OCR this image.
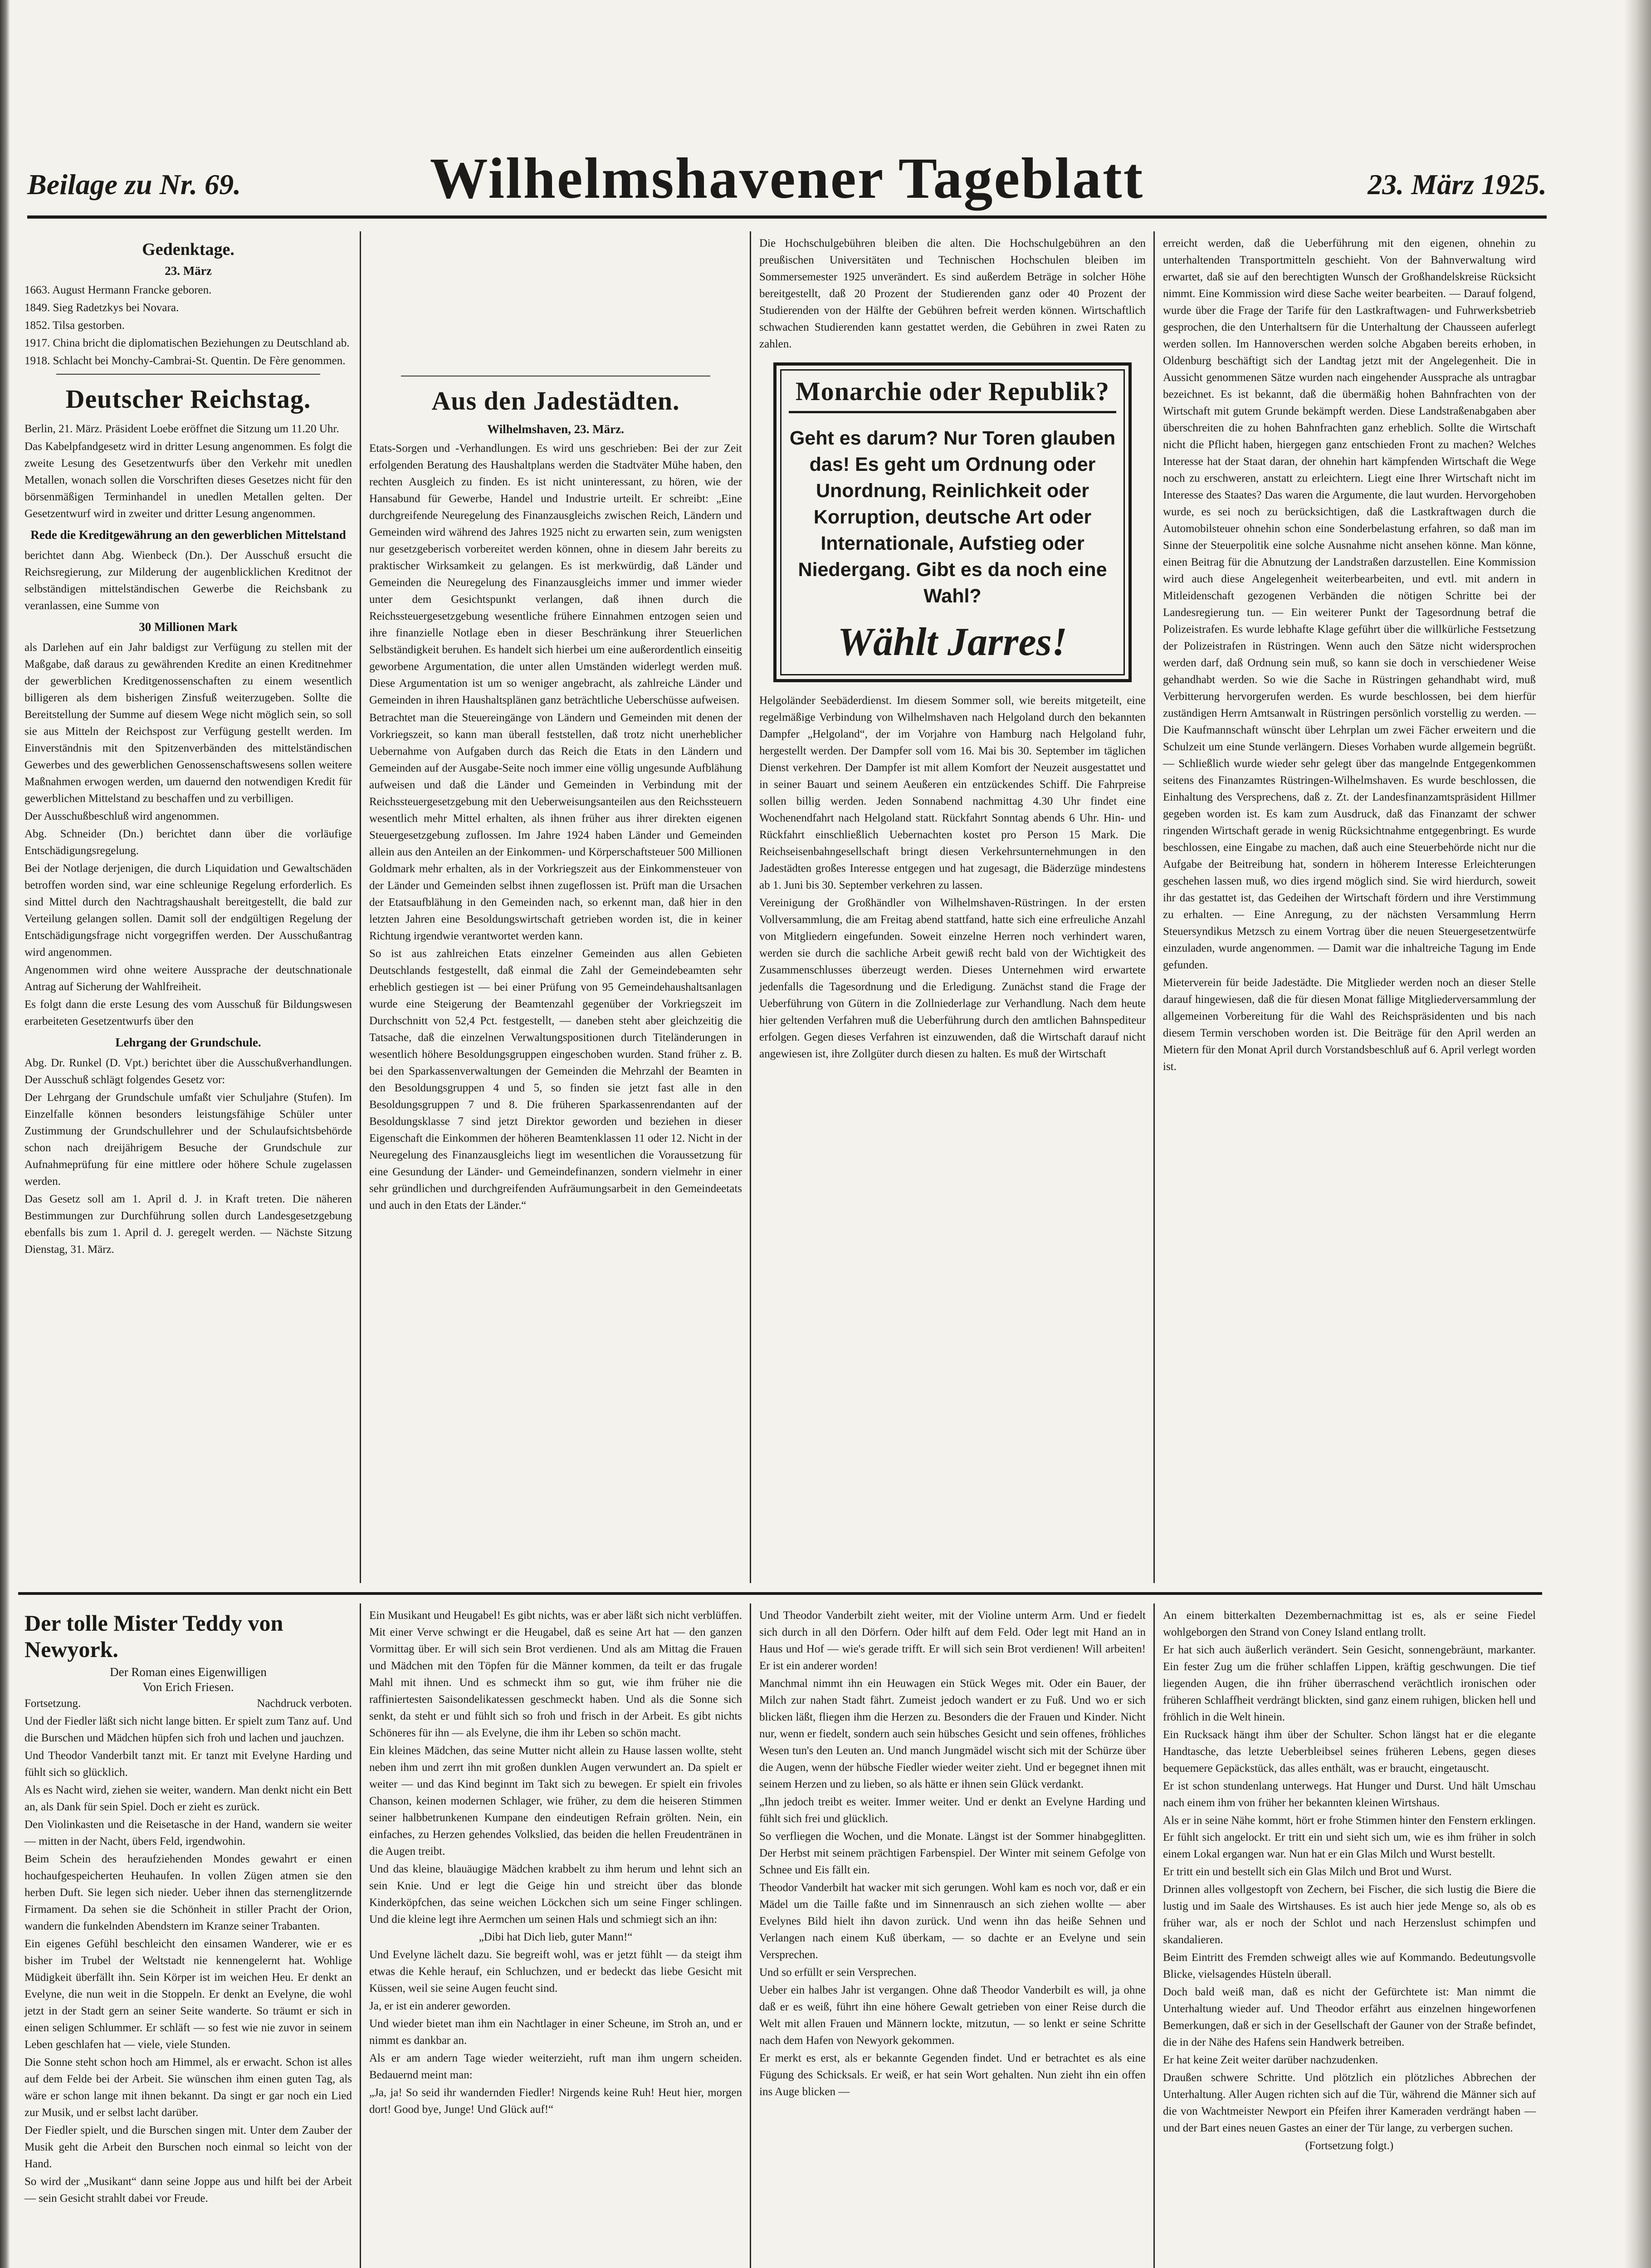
Beilage zu Nr. 69.	Wilhelmshavener Tageblatt	23. März 1925.
Gedenktage.
23. März

1663. August Hermann Francke geboren.

1849. Sieg Radetzkys bei Novara.

1852. Tilsa gestorben.

1917. China bricht die diplomatischen Beziehungen zu Deutschland ab.

1918. Schlacht bei Monchy-Cambrai-St. Quentin. De Fère genommen.

Deutscher Reichstag.

Berlin, 21. März. Präsident Loebe eröffnet die Sitzung um 11.20 Uhr.

Das Kabelpfandgesetz wird in dritter Lesung angenommen. Es folgt die zweite Lesung des Gesetzentwurfs über den Verkehr mit unedlen Metallen, wonach sollen die Vorschriften dieses Gesetzes nicht für den börsenmäßigen Terminhandel in unedlen Metallen gelten. Der Gesetzentwurf wird in zweiter und dritter Lesung angenommen.

Rede die Kreditgewährung an den gewerblichen Mittelstand

berichtet dann Abg. Wienbeck (Dn.). Der Ausschuß ersucht die Reichsregierung, zur Milderung der augenblicklichen Kreditnot der selbständigen mittelständischen Gewerbe die Reichsbank zu veranlassen, eine Summe von

30 Millionen Mark

als Darlehen auf ein Jahr baldigst zur Verfügung zu stellen mit der Maßgabe, daß daraus zu gewährenden Kredite an einen Kreditnehmer der gewerblichen Kreditgenossenschaften zu einem wesentlich billigeren als dem bisherigen Zinsfuß weiterzugeben. Sollte die Bereitstellung der Summe auf diesem Wege nicht möglich sein, so soll sie aus Mitteln der Reichspost zur Verfügung gestellt werden. Im Einverständnis mit den Spitzenverbänden des mittelständischen Gewerbes und des gewerblichen Genossenschaftswesens sollen weitere Maßnahmen erwogen werden, um dauernd den notwendigen Kredit für gewerblichen Mittelstand zu beschaffen und zu verbilligen.

Der Ausschußbeschluß wird angenommen.

Abg. Schneider (Dn.) berichtet dann über die vorläufige Entschädigungsregelung.

Bei der Notlage derjenigen, die durch Liquidation und Gewaltschäden betroffen worden sind, war eine schleunige Regelung erforderlich. Es sind Mittel durch den Nachtragshaushalt bereitgestellt, die bald zur Verteilung gelangen sollen. Damit soll der endgültigen Regelung der Entschädigungsfrage nicht vorgegriffen werden. Der Ausschußantrag wird angenommen.

Angenommen wird ohne weitere Aussprache der deutschnationale Antrag auf Sicherung der Wahlfreiheit.

Es folgt dann die erste Lesung des vom Ausschuß für Bildungswesen erarbeiteten Gesetzentwurfs über den

Lehrgang der Grundschule.

Abg. Dr. Runkel (D. Vpt.) berichtet über die Ausschußverhandlungen. Der Ausschuß schlägt folgendes Gesetz vor:

Der Lehrgang der Grundschule umfaßt vier Schuljahre (Stufen). Im Einzelfalle können besonders leistungsfähige Schüler unter Zustimmung der Grundschullehrer und der Schulaufsichtsbehörde schon nach dreijährigem Besuche der Grundschule zur Aufnahmeprüfung für eine mittlere oder höhere Schule zugelassen werden.

Das Gesetz soll am 1. April d. J. in Kraft treten. Die näheren Bestimmungen zur Durchführung sollen durch Landesgesetzgebung ebenfalls bis zum 1. April d. J. geregelt werden. — Nächste Sitzung Dienstag, 31. März.

Aus den Jadestädten.
Wilhelmshaven, 23. März.

Etats-Sorgen und -Verhandlungen. Es wird uns geschrieben: Bei der zur Zeit erfolgenden Beratung des Haushaltplans werden die Stadtväter Mühe haben, den rechten Ausgleich zu finden. Es ist nicht uninteressant, zu hören, wie der Hansabund für Gewerbe, Handel und Industrie urteilt. Er schreibt: „Eine durchgreifende Neuregelung des Finanzausgleichs zwischen Reich, Ländern und Gemeinden wird während des Jahres 1925 nicht zu erwarten sein, zum wenigsten nur gesetzgeberisch vorbereitet werden können, ohne in diesem Jahr bereits zu praktischer Wirksamkeit zu gelangen. Es ist merkwürdig, daß Länder und Gemeinden die Neuregelung des Finanzausgleichs immer und immer wieder unter dem Gesichtspunkt verlangen, daß ihnen durch die Reichssteuergesetzgebung wesentliche frühere Einnahmen entzogen seien und ihre finanzielle Notlage eben in dieser Beschränkung ihrer Steuerlichen Selbständigkeit beruhen. Es handelt sich hierbei um eine außerordentlich einseitig geworbene Argumentation, die unter allen Umständen widerlegt werden muß. Diese Argumentation ist um so weniger angebracht, als zahlreiche Länder und Gemeinden in ihren Haushaltsplänen ganz beträchtliche Ueberschüsse aufweisen.

Betrachtet man die Steuereingänge von Ländern und Gemeinden mit denen der Vorkriegszeit, so kann man überall feststellen, daß trotz nicht unerheblicher Uebernahme von Aufgaben durch das Reich die Etats in den Ländern und Gemeinden auf der Ausgabe-Seite noch immer eine völlig ungesunde Aufblähung aufweisen und daß die Länder und Gemeinden in Verbindung mit der Reichssteuergesetzgebung mit den Ueberweisungsanteilen aus den Reichssteuern wesentlich mehr Mittel erhalten, als ihnen früher aus ihrer direkten eigenen Steuergesetzgebung zuflossen. Im Jahre 1924 haben Länder und Gemeinden allein aus den Anteilen an der Einkommen- und Körperschaftsteuer 500 Millionen Goldmark mehr erhalten, als in der Vorkriegszeit aus der Einkommensteuer von der Länder und Gemeinden selbst ihnen zugeflossen ist. Prüft man die Ursachen der Etatsaufblähung in den Gemeinden nach, so erkennt man, daß hier in den letzten Jahren eine Besoldungswirtschaft getrieben worden ist, die in keiner Richtung irgendwie verantwortet werden kann.

So ist aus zahlreichen Etats einzelner Gemeinden aus allen Gebieten Deutschlands festgestellt, daß einmal die Zahl der Gemeindebeamten sehr erheblich gestiegen ist — bei einer Prüfung von 95 Gemeindehaushaltsanlagen wurde eine Steigerung der Beamtenzahl gegenüber der Vorkriegszeit im Durchschnitt von 52,4 Pct. festgestellt, — daneben steht aber gleichzeitig die Tatsache, daß die einzelnen Verwaltungspositionen durch Titeländerungen in wesentlich höhere Besoldungsgruppen eingeschoben wurden. Stand früher z. B. bei den Sparkassenverwaltungen der Gemeinden die Mehrzahl der Beamten in den Besoldungsgruppen 4 und 5, so finden sie jetzt fast alle in den Besoldungsgruppen 7 und 8. Die früheren Sparkassenrendanten auf der Besoldungsklasse 7 sind jetzt Direktor geworden und beziehen in dieser Eigenschaft die Einkommen der höheren Beamtenklassen 11 oder 12. Nicht in der Neuregelung des Finanzausgleichs liegt im wesentlichen die Voraussetzung für eine Gesundung der Länder- und Gemeindefinanzen, sondern vielmehr in einer sehr gründlichen und durchgreifenden Aufräumungsarbeit in den Gemeindeetats und auch in den Etats der Länder.“

Die Hochschulgebühren bleiben die alten. Die Hochschulgebühren an den preußischen Universitäten und Technischen Hochschulen bleiben im Sommersemester 1925 unverändert. Es sind außerdem Beträge in solcher Höhe bereitgestellt, daß 20 Prozent der Studierenden ganz oder 40 Prozent der Studierenden von der Hälfte der Gebühren befreit werden können. Wirtschaftlich schwachen Studierenden kann gestattet werden, die Gebühren in zwei Raten zu zahlen.

Monarchie oder Republik?
Geht es darum? Nur Toren glauben das! Es geht um Ordnung oder Unordnung, Reinlichkeit oder Korruption, deutsche Art oder Internationale, Aufstieg oder Niedergang. Gibt es da noch eine Wahl?
Wählt Jarres!

Helgoländer Seebäderdienst. Im diesem Sommer soll, wie bereits mitgeteilt, eine regelmäßige Verbindung von Wilhelmshaven nach Helgoland durch den bekannten Dampfer „Helgoland“, der im Vorjahre von Hamburg nach Helgoland fuhr, hergestellt werden. Der Dampfer soll vom 16. Mai bis 30. September im täglichen Dienst verkehren. Der Dampfer ist mit allem Komfort der Neuzeit ausgestattet und in seiner Bauart und seinem Aeußeren ein entzückendes Schiff. Die Fahrpreise sollen billig werden. Jeden Sonnabend nachmittag 4.30 Uhr findet eine Wochenendfahrt nach Helgoland statt. Rückfahrt Sonntag abends 6 Uhr. Hin- und Rückfahrt einschließlich Uebernachten kostet pro Person 15 Mark. Die Reichseisenbahngesellschaft bringt diesen Verkehrsunternehmungen in den Jadestädten großes Interesse entgegen und hat zugesagt, die Bäderzüge mindestens ab 1. Juni bis 30. September verkehren zu lassen.

Vereinigung der Großhändler von Wilhelmshaven-Rüstringen. In der ersten Vollversammlung, die am Freitag abend stattfand, hatte sich eine erfreuliche Anzahl von Mitgliedern eingefunden. Soweit einzelne Herren noch verhindert waren, werden sie durch die sachliche Arbeit gewiß recht bald von der Wichtigkeit des Zusammenschlusses überzeugt werden. Dieses Unternehmen wird erwartete jedenfalls die Tagesordnung und die Erledigung. Zunächst stand die Frage der Ueberführung von Gütern in die Zollniederlage zur Verhandlung. Nach dem heute hier geltenden Verfahren muß die Ueberführung durch den amtlichen Bahnspediteur erfolgen. Gegen dieses Verfahren ist einzuwenden, daß die Wirtschaft darauf nicht angewiesen ist, ihre Zollgüter durch diesen zu halten. Es muß der Wirtschaft

erreicht werden, daß die Ueberführung mit den eigenen, ohnehin zu unterhaltenden Transportmitteln geschieht. Von der Bahnverwaltung wird erwartet, daß sie auf den berechtigten Wunsch der Großhandelskreise Rücksicht nimmt. Eine Kommission wird diese Sache weiter bearbeiten. — Darauf folgend, wurde über die Frage der Tarife für den Lastkraftwagen- und Fuhrwerksbetrieb gesprochen, die den Unterhaltsern für die Unterhaltung der Chausseen auferlegt werden sollen. Im Hannoverschen werden solche Abgaben bereits erhoben, in Oldenburg beschäftigt sich der Landtag jetzt mit der Angelegenheit. Die in Aussicht genommenen Sätze wurden nach eingehender Aussprache als untragbar bezeichnet. Es ist bekannt, daß die übermäßig hohen Bahnfrachten von der Wirtschaft mit gutem Grunde bekämpft werden. Diese Landstraßenabgaben aber überschreiten die zu hohen Bahnfrachten ganz erheblich. Sollte die Wirtschaft nicht die Pflicht haben, hiergegen ganz entschieden Front zu machen? Welches Interesse hat der Staat daran, der ohnehin hart kämpfenden Wirtschaft die Wege noch zu erschweren, anstatt zu erleichtern. Liegt eine Ihrer Wirtschaft nicht im Interesse des Staates? Das waren die Argumente, die laut wurden. Hervorgehoben wurde, es sei noch zu berücksichtigen, daß die Lastkraftwagen durch die Automobilsteuer ohnehin schon eine Sonderbelastung erfahren, so daß man im Sinne der Steuerpolitik eine solche Ausnahme nicht ansehen könne. Man könne, einen Beitrag für die Abnutzung der Landstraßen darzustellen. Eine Kommission wird auch diese Angelegenheit weiterbearbeiten, und evtl. mit andern in Mitleidenschaft gezogenen Verbänden die nötigen Schritte bei der Landesregierung tun. — Ein weiterer Punkt der Tagesordnung betraf die Polizeistrafen. Es wurde lebhafte Klage geführt über die willkürliche Festsetzung der Polizeistrafen in Rüstringen. Wenn auch den Sätze nicht widersprochen werden darf, daß Ordnung sein muß, so kann sie doch in verschiedener Weise gehandhabt werden. So wie die Sache in Rüstringen gehandhabt wird, muß Verbitterung hervorgerufen werden. Es wurde beschlossen, bei dem hierfür zuständigen Herrn Amtsanwalt in Rüstringen persönlich vorstellig zu werden. — Die Kaufmannschaft wünscht über Lehrplan um zwei Fächer erweitern und die Schulzeit um eine Stunde verlängern. Dieses Vorhaben wurde allgemein begrüßt. — Schließlich wurde wieder sehr gelegt über das mangelnde Entgegenkommen seitens des Finanzamtes Rüstringen-Wilhelmshaven. Es wurde beschlossen, die Einhaltung des Versprechens, daß z. Zt. der Landesfinanzamtspräsident Hillmer gegeben worden ist. Es kam zum Ausdruck, daß das Finanzamt der schwer ringenden Wirtschaft gerade in wenig Rücksichtnahme entgegenbringt. Es wurde beschlossen, eine Eingabe zu machen, daß auch eine Steuerbehörde nicht nur die Aufgabe der Beitreibung hat, sondern in höherem Interesse Erleichterungen geschehen lassen muß, wo dies irgend möglich sind. Sie wird hierdurch, soweit ihr das gestattet ist, das Gedeihen der Wirtschaft fördern und ihre Verstimmung zu erhalten. — Eine Anregung, zu der nächsten Versammlung Herrn Steuersyndikus Metzsch zu einem Vortrag über die neuen Steuergesetzentwürfe einzuladen, wurde angenommen. — Damit war die inhaltreiche Tagung im Ende gefunden.

Mieterverein für beide Jadestädte. Die Mitglieder werden noch an dieser Stelle darauf hingewiesen, daß die für diesen Monat fällige Mitgliederversammlung der allgemeinen Vorbereitung für die Wahl des Reichspräsidenten und bis nach diesem Termin verschoben worden ist. Die Beiträge für den April werden an Mietern für den Monat April durch Vorstandsbeschluß auf 6. April verlegt worden ist.

Der tolle Mister Teddy von Newyork.
Der Roman eines Eigenwilligen
Von Erich Friesen.

Fortsetzung.	Nachdruck verboten.

Und der Fiedler läßt sich nicht lange bitten. Er spielt zum Tanz auf. Und die Burschen und Mädchen hüpfen sich froh und lachen und jauchzen.

Und Theodor Vanderbilt tanzt mit. Er tanzt mit Evelyne Harding und fühlt sich so glücklich.

Als es Nacht wird, ziehen sie weiter, wandern. Man denkt nicht ein Bett an, als Dank für sein Spiel. Doch er zieht es zurück.

Den Violinkasten und die Reisetasche in der Hand, wandern sie weiter — mitten in der Nacht, übers Feld, irgendwohin.

Beim Schein des heraufziehenden Mondes gewahrt er einen hochaufgespeicherten Heuhaufen. In vollen Zügen atmen sie den herben Duft. Sie legen sich nieder. Ueber ihnen das sternenglitzernde Firmament. Da sehen sie die Schönheit in stiller Pracht der Orion, wandern die funkelnden Abendstern im Kranze seiner Trabanten.

Ein eigenes Gefühl beschleicht den einsamen Wanderer, wie er es bisher im Trubel der Weltstadt nie kennengelernt hat. Wohlige Müdigkeit überfällt ihn. Sein Körper ist im weichen Heu. Er denkt an Evelyne, die nun weit in die Stoppeln. Er denkt an Evelyne, die wohl jetzt in der Stadt gern an seiner Seite wanderte. So träumt er sich in einen seligen Schlummer. Er schläft — so fest wie nie zuvor in seinem Leben geschlafen hat — viele, viele Stunden.

Die Sonne steht schon hoch am Himmel, als er erwacht. Schon ist alles auf dem Felde bei der Arbeit. Sie wünschen ihm einen guten Tag, als wäre er schon lange mit ihnen bekannt. Da singt er gar noch ein Lied zur Musik, und er selbst lacht darüber.

Der Fiedler spielt, und die Burschen singen mit. Unter dem Zauber der Musik geht die Arbeit den Burschen noch einmal so leicht von der Hand.

So wird der „Musikant“ dann seine Joppe aus und hilft bei der Arbeit — sein Gesicht strahlt dabei vor Freude.

Ein Musikant und Heugabel! Es gibt nichts, was er aber läßt sich nicht verblüffen. Mit einer Verve schwingt er die Heugabel, daß es seine Art hat — den ganzen Vormittag über. Er will sich sein Brot verdienen. Und als am Mittag die Frauen und Mädchen mit den Töpfen für die Männer kommen, da teilt er das frugale Mahl mit ihnen. Und es schmeckt ihm so gut, wie ihm früher nie die raffiniertesten Saisondelikatessen geschmeckt haben. Und als die Sonne sich senkt, da steht er und fühlt sich so froh und frisch in der Arbeit. Es gibt nichts Schöneres für ihn — als Evelyne, die ihm ihr Leben so schön macht.

Ein kleines Mädchen, das seine Mutter nicht allein zu Hause lassen wollte, steht neben ihm und zerrt ihn mit großen dunklen Augen verwundert an. Da spielt er weiter — und das Kind beginnt im Takt sich zu bewegen. Er spielt ein frivoles Chanson, keinen modernen Schlager, wie früher, zu dem die heiseren Stimmen seiner halbbetrunkenen Kumpane den eindeutigen Refrain grölten. Nein, ein einfaches, zu Herzen gehendes Volkslied, das beiden die hellen Freudentränen in die Augen treibt.

Und das kleine, blauäugige Mädchen krabbelt zu ihm herum und lehnt sich an sein Knie. Und er legt die Geige hin und streicht über das blonde Kinderköpfchen, das seine weichen Löckchen sich um seine Finger schlingen. Und die kleine legt ihre Aermchen um seinen Hals und schmiegt sich an ihn:

„Dibi hat Dich lieb, guter Mann!“

Und Evelyne lächelt dazu. Sie begreift wohl, was er jetzt fühlt — da steigt ihm etwas die Kehle herauf, ein Schluchzen, und er bedeckt das liebe Gesicht mit Küssen, weil sie seine Augen feucht sind.

Ja, er ist ein anderer geworden.

Und wieder bietet man ihm ein Nachtlager in einer Scheune, im Stroh an, und er nimmt es dankbar an.

Als er am andern Tage wieder weiterzieht, ruft man ihm ungern scheiden. Bedauernd meint man:

„Ja, ja! So seid ihr wandernden Fiedler! Nirgends keine Ruh! Heut hier, morgen dort! Good bye, Junge! Und Glück auf!“

Und Theodor Vanderbilt zieht weiter, mit der Violine unterm Arm. Und er fiedelt sich durch in all den Dörfern. Oder hilft auf dem Feld. Oder legt mit Hand an in Haus und Hof — wie's gerade trifft. Er will sich sein Brot verdienen! Will arbeiten! Er ist ein anderer worden!

Manchmal nimmt ihn ein Heuwagen ein Stück Weges mit. Oder ein Bauer, der Milch zur nahen Stadt fährt. Zumeist jedoch wandert er zu Fuß. Und wo er sich blicken läßt, fliegen ihm die Herzen zu. Besonders die der Frauen und Kinder. Nicht nur, wenn er fiedelt, sondern auch sein hübsches Gesicht und sein offenes, fröhliches Wesen tun's den Leuten an. Und manch Jungmädel wischt sich mit der Schürze über die Augen, wenn der hübsche Fiedler wieder weiter zieht. Und er begegnet ihnen mit seinem Herzen und zu lieben, so als hätte er ihnen sein Glück verdankt.

„Ihn jedoch treibt es weiter. Immer weiter. Und er denkt an Evelyne Harding und fühlt sich frei und glücklich.

So verfliegen die Wochen, und die Monate. Längst ist der Sommer hinabgeglitten. Der Herbst mit seinem prächtigen Farbenspiel. Der Winter mit seinem Gefolge von Schnee und Eis fällt ein.

Theodor Vanderbilt hat wacker mit sich gerungen. Wohl kam es noch vor, daß er ein Mädel um die Taille faßte und im Sinnenrausch an sich ziehen wollte — aber Evelynes Bild hielt ihn davon zurück. Und wenn ihn das heiße Sehnen und Verlangen nach einem Kuß überkam, — so dachte er an Evelyne und sein Versprechen.

Und so erfüllt er sein Versprechen.

Ueber ein halbes Jahr ist vergangen. Ohne daß Theodor Vanderbilt es will, ja ohne daß er es weiß, führt ihn eine höhere Gewalt getrieben von einer Reise durch die Welt mit allen Frauen und Männern lockte, mitzutun, — so lenkt er seine Schritte nach dem Hafen von Newyork gekommen.

Er merkt es erst, als er bekannte Gegenden findet. Und er betrachtet es als eine Fügung des Schicksals. Er weiß, er hat sein Wort gehalten. Nun zieht ihn ein offen ins Auge blicken —

An einem bitterkalten Dezembernachmittag ist es, als er seine Fiedel wohlgeborgen den Strand von Coney Island entlang trollt.

Er hat sich auch äußerlich verändert. Sein Gesicht, sonnengebräunt, markanter. Ein fester Zug um die früher schlaffen Lippen, kräftig geschwungen. Die tief liegenden Augen, die ihn früher überraschend verächtlich ironischen oder früheren Schlaffheit verdrängt blickten, sind ganz einem ruhigen, blicken hell und fröhlich in die Welt hinein.

Ein Rucksack hängt ihm über der Schulter. Schon längst hat er die elegante Handtasche, das letzte Ueberbleibsel seines früheren Lebens, gegen dieses bequemere Gepäckstück, das alles enthält, was er braucht, eingetauscht.

Er ist schon stundenlang unterwegs. Hat Hunger und Durst. Und hält Umschau nach einem ihm von früher her bekannten kleinen Wirtshaus.

Als er in seine Nähe kommt, hört er frohe Stimmen hinter den Fenstern erklingen. Er fühlt sich angelockt. Er tritt ein und sieht sich um, wie es ihm früher in solch einem Lokal ergangen war. Nun hat er ein Glas Milch und Wurst bestellt.

Er tritt ein und bestellt sich ein Glas Milch und Brot und Wurst.

Drinnen alles vollgestopft von Zechern, bei Fischer, die sich lustig die Biere die lustig und im Saale des Wirtshauses. Es ist auch hier jede Menge so, als ob es früher war, als er noch der Schlot und nach Herzenslust schimpfen und skandalieren.

Beim Eintritt des Fremden schweigt alles wie auf Kommando. Bedeutungsvolle Blicke, vielsagendes Hüsteln überall.

Doch bald weiß man, daß es nicht der Gefürchtete ist: Man nimmt die Unterhaltung wieder auf. Und Theodor erfährt aus einzelnen hingeworfenen Bemerkungen, daß er sich in der Gesellschaft der Gauner von der Straße befindet, die in der Nähe des Hafens sein Handwerk betreiben.

Er hat keine Zeit weiter darüber nachzudenken.

Draußen schwere Schritte. Und plötzlich ein plötzliches Abbrechen der Unterhaltung. Aller Augen richten sich auf die Tür, während die Männer sich auf die von Wachtmeister Newport ein Pfeifen ihrer Kameraden verdrängt haben — und der Bart eines neuen Gastes an einer der Tür lange, zu verbergen suchen.

(Fortsetzung folgt.)
